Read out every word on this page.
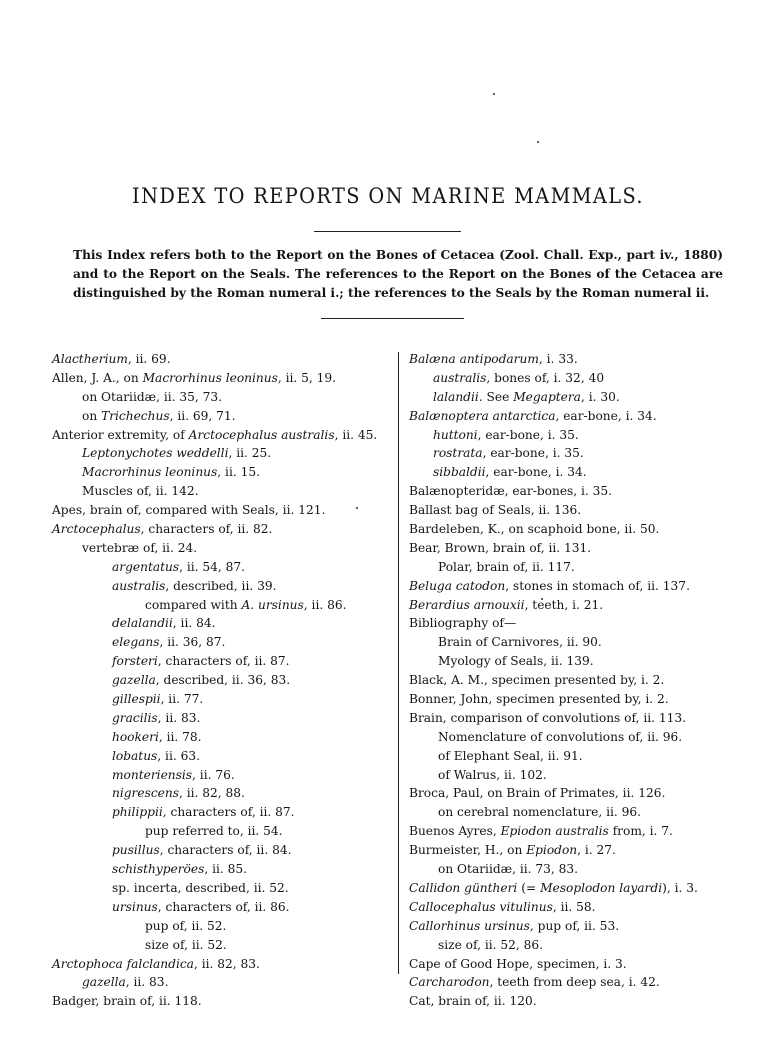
INDEX TO REPORTS ON MARINE MAMMALS.
This Index refers both to the Report on the Bones of Cetacea (Zool. Chall. Exp., part iv., 1880) and to the Report on the Seals. The references to the Report on the Bones of the Cetacea are distinguished by the Roman numeral i.; the references to the Seals by the Roman numeral ii.
Alactherium, ii. 69.
Allen, J. A., on Macrorhinus leoninus, ii. 5, 19.
on Otariidæ, ii. 35, 73.
on Trichechus, ii. 69, 71.
Anterior extremity, of Arctocephalus australis, ii. 45.
Leptonychotes weddelli, ii. 25.
Macrorhinus leoninus, ii. 15.
Muscles of, ii. 142.
Apes, brain of, compared with Seals, ii. 121.
Arctocephalus, characters of, ii. 82.
vertebræ of, ii. 24.
argentatus, ii. 54, 87.
australis, described, ii. 39.
compared with A. ursinus, ii. 86.
delalandii, ii. 84.
elegans, ii. 36, 87.
forsteri, characters of, ii. 87.
gazella, described, ii. 36, 83.
gillespii, ii. 77.
gracilis, ii. 83.
hookeri, ii. 78.
lobatus, ii. 63.
monteriensis, ii. 76.
nigrescens, ii. 82, 88.
philippii, characters of, ii. 87.
pup referred to, ii. 54.
pusillus, characters of, ii. 84.
schisthyperöes, ii. 85.
sp. incerta, described, ii. 52.
ursinus, characters of, ii. 86.
pup of, ii. 52.
size of, ii. 52.
Arctophoca falclandica, ii. 82, 83.
gazella, ii. 83.
Badger, brain of, ii. 118.
Balæna antipodarum, i. 33.
australis, bones of, i. 32, 40
lalandii. See Megaptera, i. 30.
Balænoptera antarctica, ear-bone, i. 34.
huttoni, ear-bone, i. 35.
rostrata, ear-bone, i. 35.
sibbaldii, ear-bone, i. 34.
Balænopteridæ, ear-bones, i. 35.
Ballast bag of Seals, ii. 136.
Bardeleben, K., on scaphoid bone, ii. 50.
Bear, Brown, brain of, ii. 131.
Polar, brain of, ii. 117.
Beluga catodon, stones in stomach of, ii. 137.
Berardius arnouxii, teeth, i. 21.
Bibliography of—
Brain of Carnivores, ii. 90.
Myology of Seals, ii. 139.
Black, A. M., specimen presented by, i. 2.
Bonner, John, specimen presented by, i. 2.
Brain, comparison of convolutions of, ii. 113.
Nomenclature of convolutions of, ii. 96.
of Elephant Seal, ii. 91.
of Walrus, ii. 102.
Broca, Paul, on Brain of Primates, ii. 126.
on cerebral nomenclature, ii. 96.
Buenos Ayres, Epiodon australis from, i. 7.
Burmeister, H., on Epiodon, i. 27.
on Otariidæ, ii. 73, 83.
Callidon güntheri (= Mesoplodon layardi), i. 3.
Callocephalus vitulinus, ii. 58.
Callorhinus ursinus, pup of, ii. 53.
size of, ii. 52, 86.
Cape of Good Hope, specimen, i. 3.
Carcharodon, teeth from deep sea, i. 42.
Cat, brain of, ii. 120.
